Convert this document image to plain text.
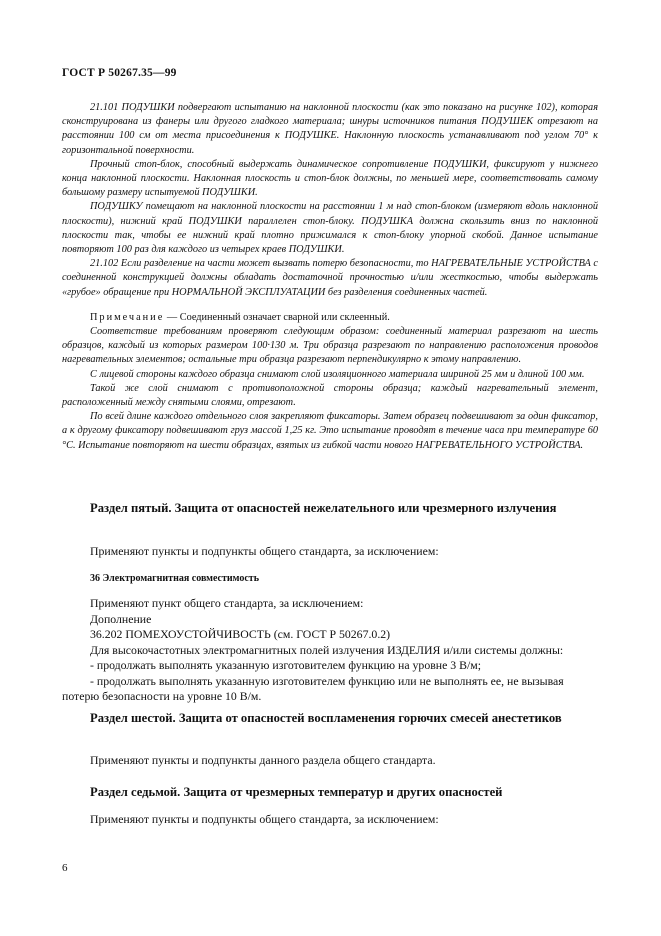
ГОСТ Р 50267.35—99

21.101 ПОДУШКИ подвергают испытанию на наклонной плоскости (как это показано на рисунке 102), которая сконструирована из фанеры или другого гладкого материала; шнуры источников питания ПОДУШЕК отрезают на расстоянии 100 см от места присоединения к ПОДУШКЕ. Наклонную плоскость устанавливают под углом 70° к горизонтальной поверхности.

Прочный стоп-блок, способный выдержать динамическое сопротивление ПОДУШКИ, фиксируют у нижнего конца наклонной плоскости. Наклонная плоскость и стоп-блок должны, по меньшей мере, соответствовать самому большому размеру испытуемой ПОДУШКИ.

ПОДУШКУ помещают на наклонной плоскости на расстоянии 1 м над стоп-блоком (измеряют вдоль наклонной плоскости), нижний край ПОДУШКИ параллелен стоп-блоку. ПОДУШКА должна скользить вниз по наклонной плоскости так, чтобы ее нижний край плотно прижимался к стоп-блоку упорной скобой. Данное испытание повторяют 100 раз для каждого из четырех краев ПОДУШКИ.

21.102 Если разделение на части может вызвать потерю безопасности, то НАГРЕВАТЕЛЬНЫЕ УСТРОЙСТВА с соединенной конструкцией должны обладать достаточной прочностью и/или жесткостью, чтобы выдержать «грубое» обращение при НОРМАЛЬНОЙ ЭКСПЛУАТАЦИИ без разделения соединенных частей.

Примечание — Соединенный означает сварной или склеенный.

Соответствие требованиям проверяют следующим образом: соединенный материал разрезают на шесть образцов, каждый из которых размером 100·130 м. Три образца разрезают по направлению расположения проводов нагревательных элементов; остальные три образца разрезают перпендикулярно к этому направлению.

С лицевой стороны каждого образца снимают слой изоляционного материала шириной 25 мм и длиной 100 мм.

Такой же слой снимают с противоположной стороны образца; каждый нагревательный элемент, расположенный между снятыми слоями, отрезают.

По всей длине каждого отдельного слоя закрепляют фиксаторы. Затем образец подвешивают за один фиксатор, а к другому фиксатору подвешивают груз массой 1,25 кг. Это испытание проводят в течение часа при температуре 60 °С. Испытание повторяют на шести образцах, взятых из гибкой части нового НАГРЕВАТЕЛЬНОГО УСТРОЙСТВА.

Раздел пятый. Защита от опасностей нежелательного или чрезмерного излучения

Применяют пункты и подпункты общего стандарта, за исключением:

36 Электромагнитная совместимость

Применяют пункт общего стандарта, за исключением:

Дополнение

36.202 ПОМЕХОУСТОЙЧИВОСТЬ (см. ГОСТ Р 50267.0.2)

Для высокочастотных электромагнитных полей излучения ИЗДЕЛИЯ и/или системы должны:

- продолжать выполнять указанную изготовителем функцию на уровне 3 В/м;

- продолжать выполнять указанную изготовителем функцию или не выполнять ее, не вызывая потерю безопасности на уровне 10 В/м.

Раздел шестой. Защита от опасностей воспламенения горючих смесей анестетиков

Применяют пункты и подпункты данного раздела общего стандарта.

Раздел седьмой. Защита от чрезмерных температур и других опасностей

Применяют пункты и подпункты общего стандарта, за исключением:

6
